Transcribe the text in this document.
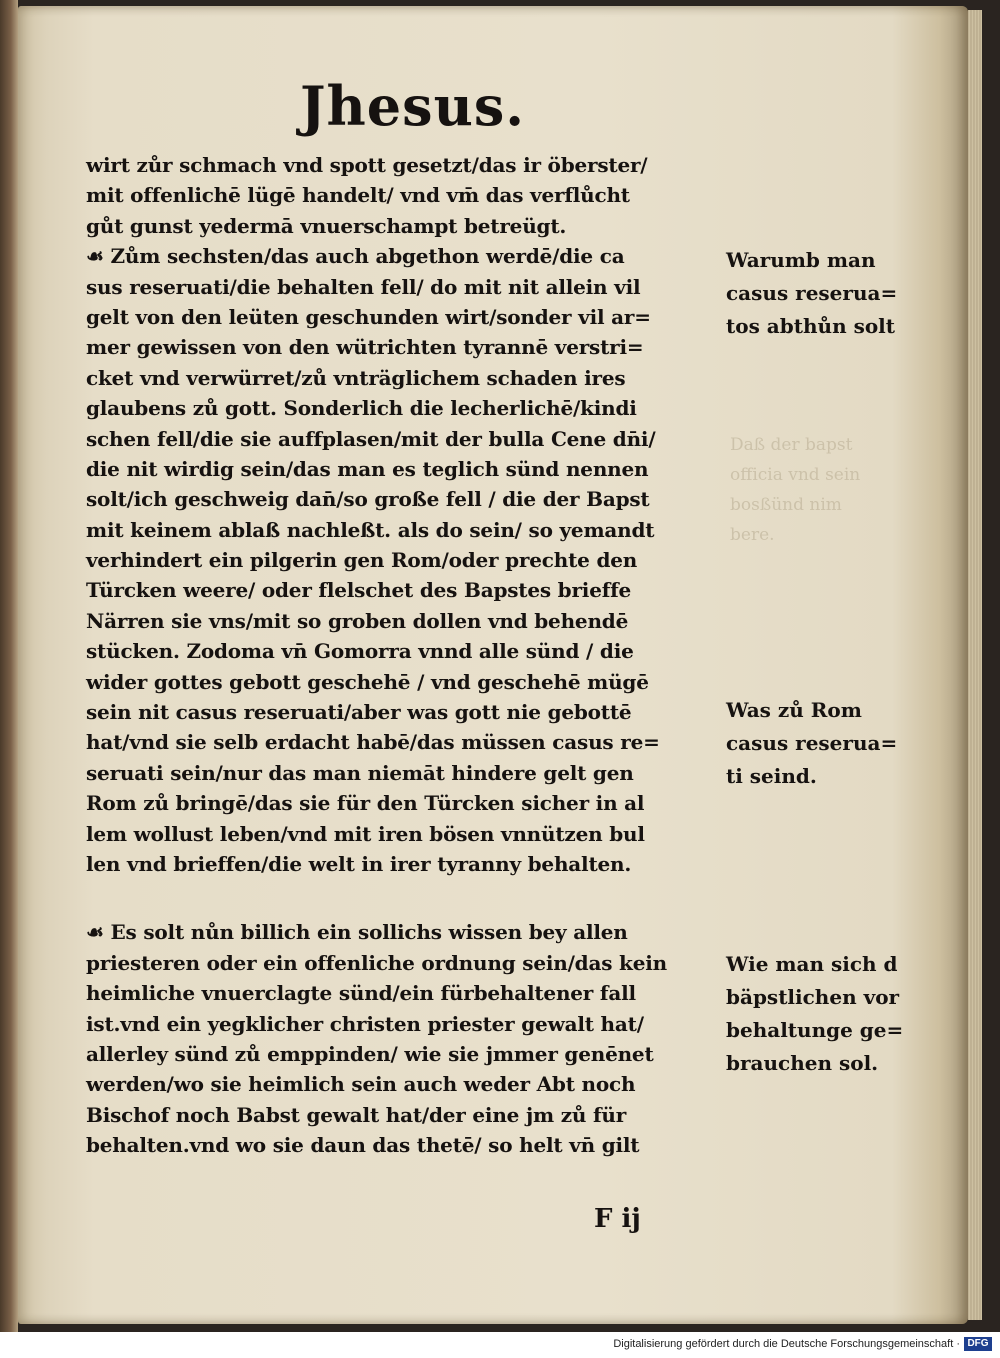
Daß der bapst
officia vnd sein
bosßünd nim
bere.
Jhesus.
wirt zůr schmach vnd spott gesetzt/das ir öberster/
mit offenlichē lügē handelt/ vnd vm̄ das verflůcht
gůt gunst yedermā vnuerschampt betreügt.
☙ Zům sechsten/das auch abgethon werdē/die ca
sus reseruati/die behalten fell/ do mit nit allein vil
gelt von den leüten geschunden wirt/sonder vil ar=
mer gewissen von den wütrichten tyrannē verstri=
cket vnd verwürret/zů vnträglichem schaden ires
glaubens zů gott. Sonderlich die lecherlichē/kindi
schen fell/die sie auffplasen/mit der bulla Cene dn̄i/
die nit wirdig sein/das man es teglich sünd nennen
solt/ich geschweig dan̄/so große fell / die der Bapst
mit keinem ablaß nachleßt. als do sein/ so yemandt
verhindert ein pilgerin gen Rom/oder prechte den
Türcken weere/ oder flelschet des Bapstes brieffe
Närren sie vns/mit so groben dollen vnd behendē
stücken. Zodoma vn̄ Gomorra vnnd alle sünd / die
wider gottes gebott geschehē / vnd geschehē mügē
sein nit casus reseruati/aber was gott nie gebottē
hat/vnd sie selb erdacht habē/das müssen casus re=
seruati sein/nur das man niemāt hindere gelt gen
Rom zů bringē/das sie für den Türcken sicher in al
lem wollust leben/vnd mit iren bösen vnnützen bul
len vnd brieffen/die welt in irer tyranny behalten.
☙ Es solt nůn billich ein sollichs wissen bey allen
priesteren oder ein offenliche ordnung sein/das kein
heimliche vnuerclagte sünd/ein fürbehaltener fall
ist.vnd ein yegklicher christen priester gewalt hat/
allerley sünd zů emppinden/ wie sie jmmer genēnet
werden/wo sie heimlich sein auch weder Abt noch
Bischof noch Babst gewalt hat/der eine jm zů für
behalten.vnd wo sie daun das thetē/ so helt vn̄ gilt
Warumb man
casus reserua=
tos abthůn solt
Was zů Rom
casus reserua=
ti seind.
Wie man sich d
bäpstlichen vor
behaltunge ge=
brauchen sol.
F ij
Digitalisierung gefördert durch die Deutsche Forschungsgemeinschaft · DFG
